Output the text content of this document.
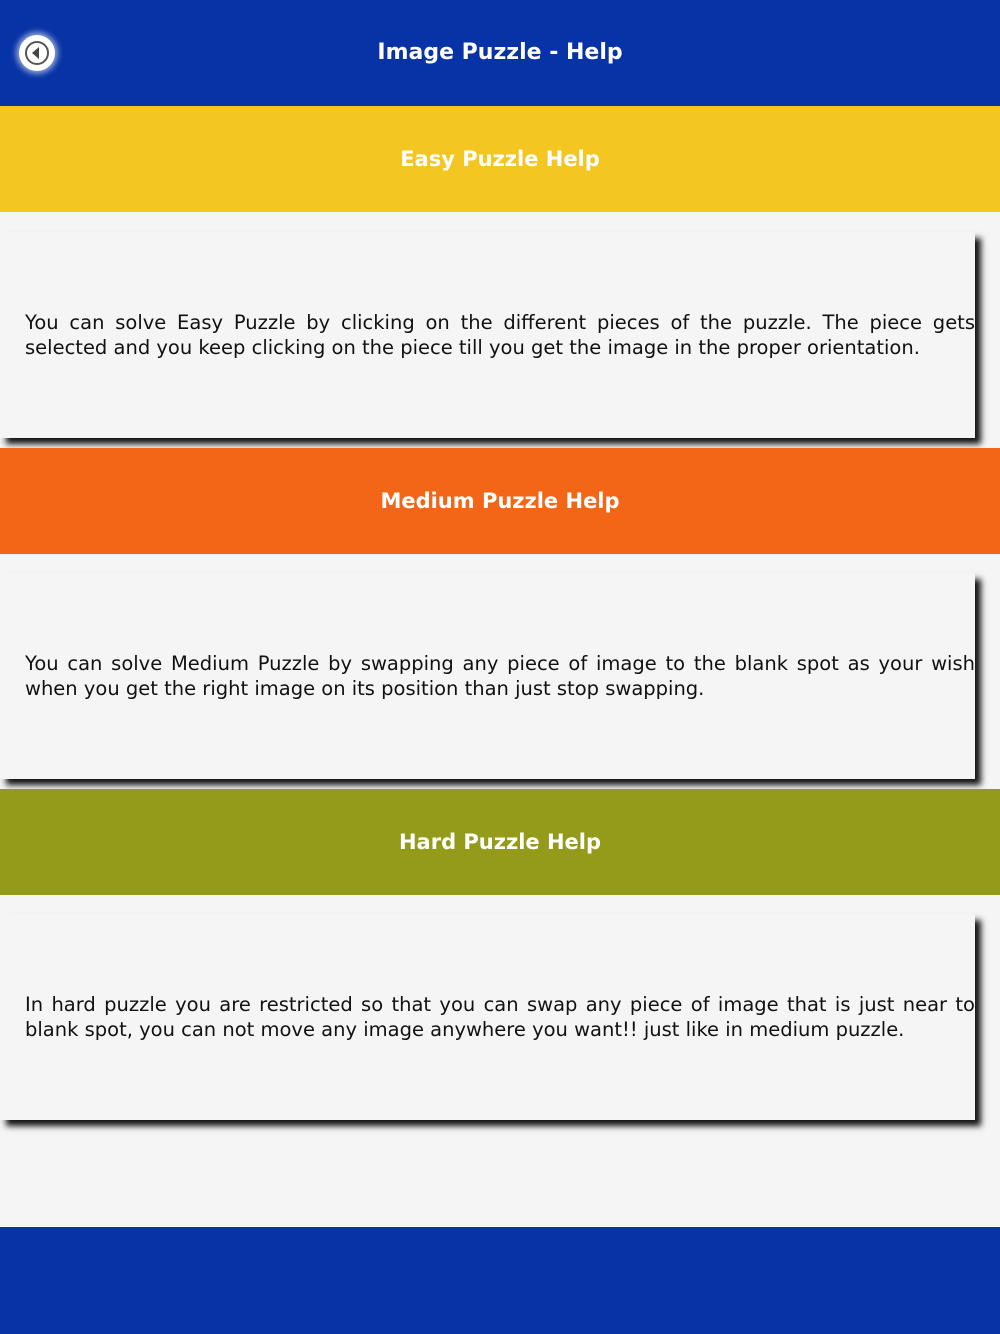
Image Puzzle - Help
Easy Puzzle Help
You can solve Easy Puzzle by clicking on the different pieces of the puzzle. The piece gets selected and you keep clicking on the piece till you get the image in the proper orientation.
Medium Puzzle Help
You can solve Medium Puzzle by swapping any piece of image to the blank spot as your wish when you get the right image on its position than just stop swapping.
Hard Puzzle Help
In hard puzzle you are restricted so that you can swap any piece of image that is just near to blank spot, you can not move any image anywhere you want!! just like in medium puzzle.
